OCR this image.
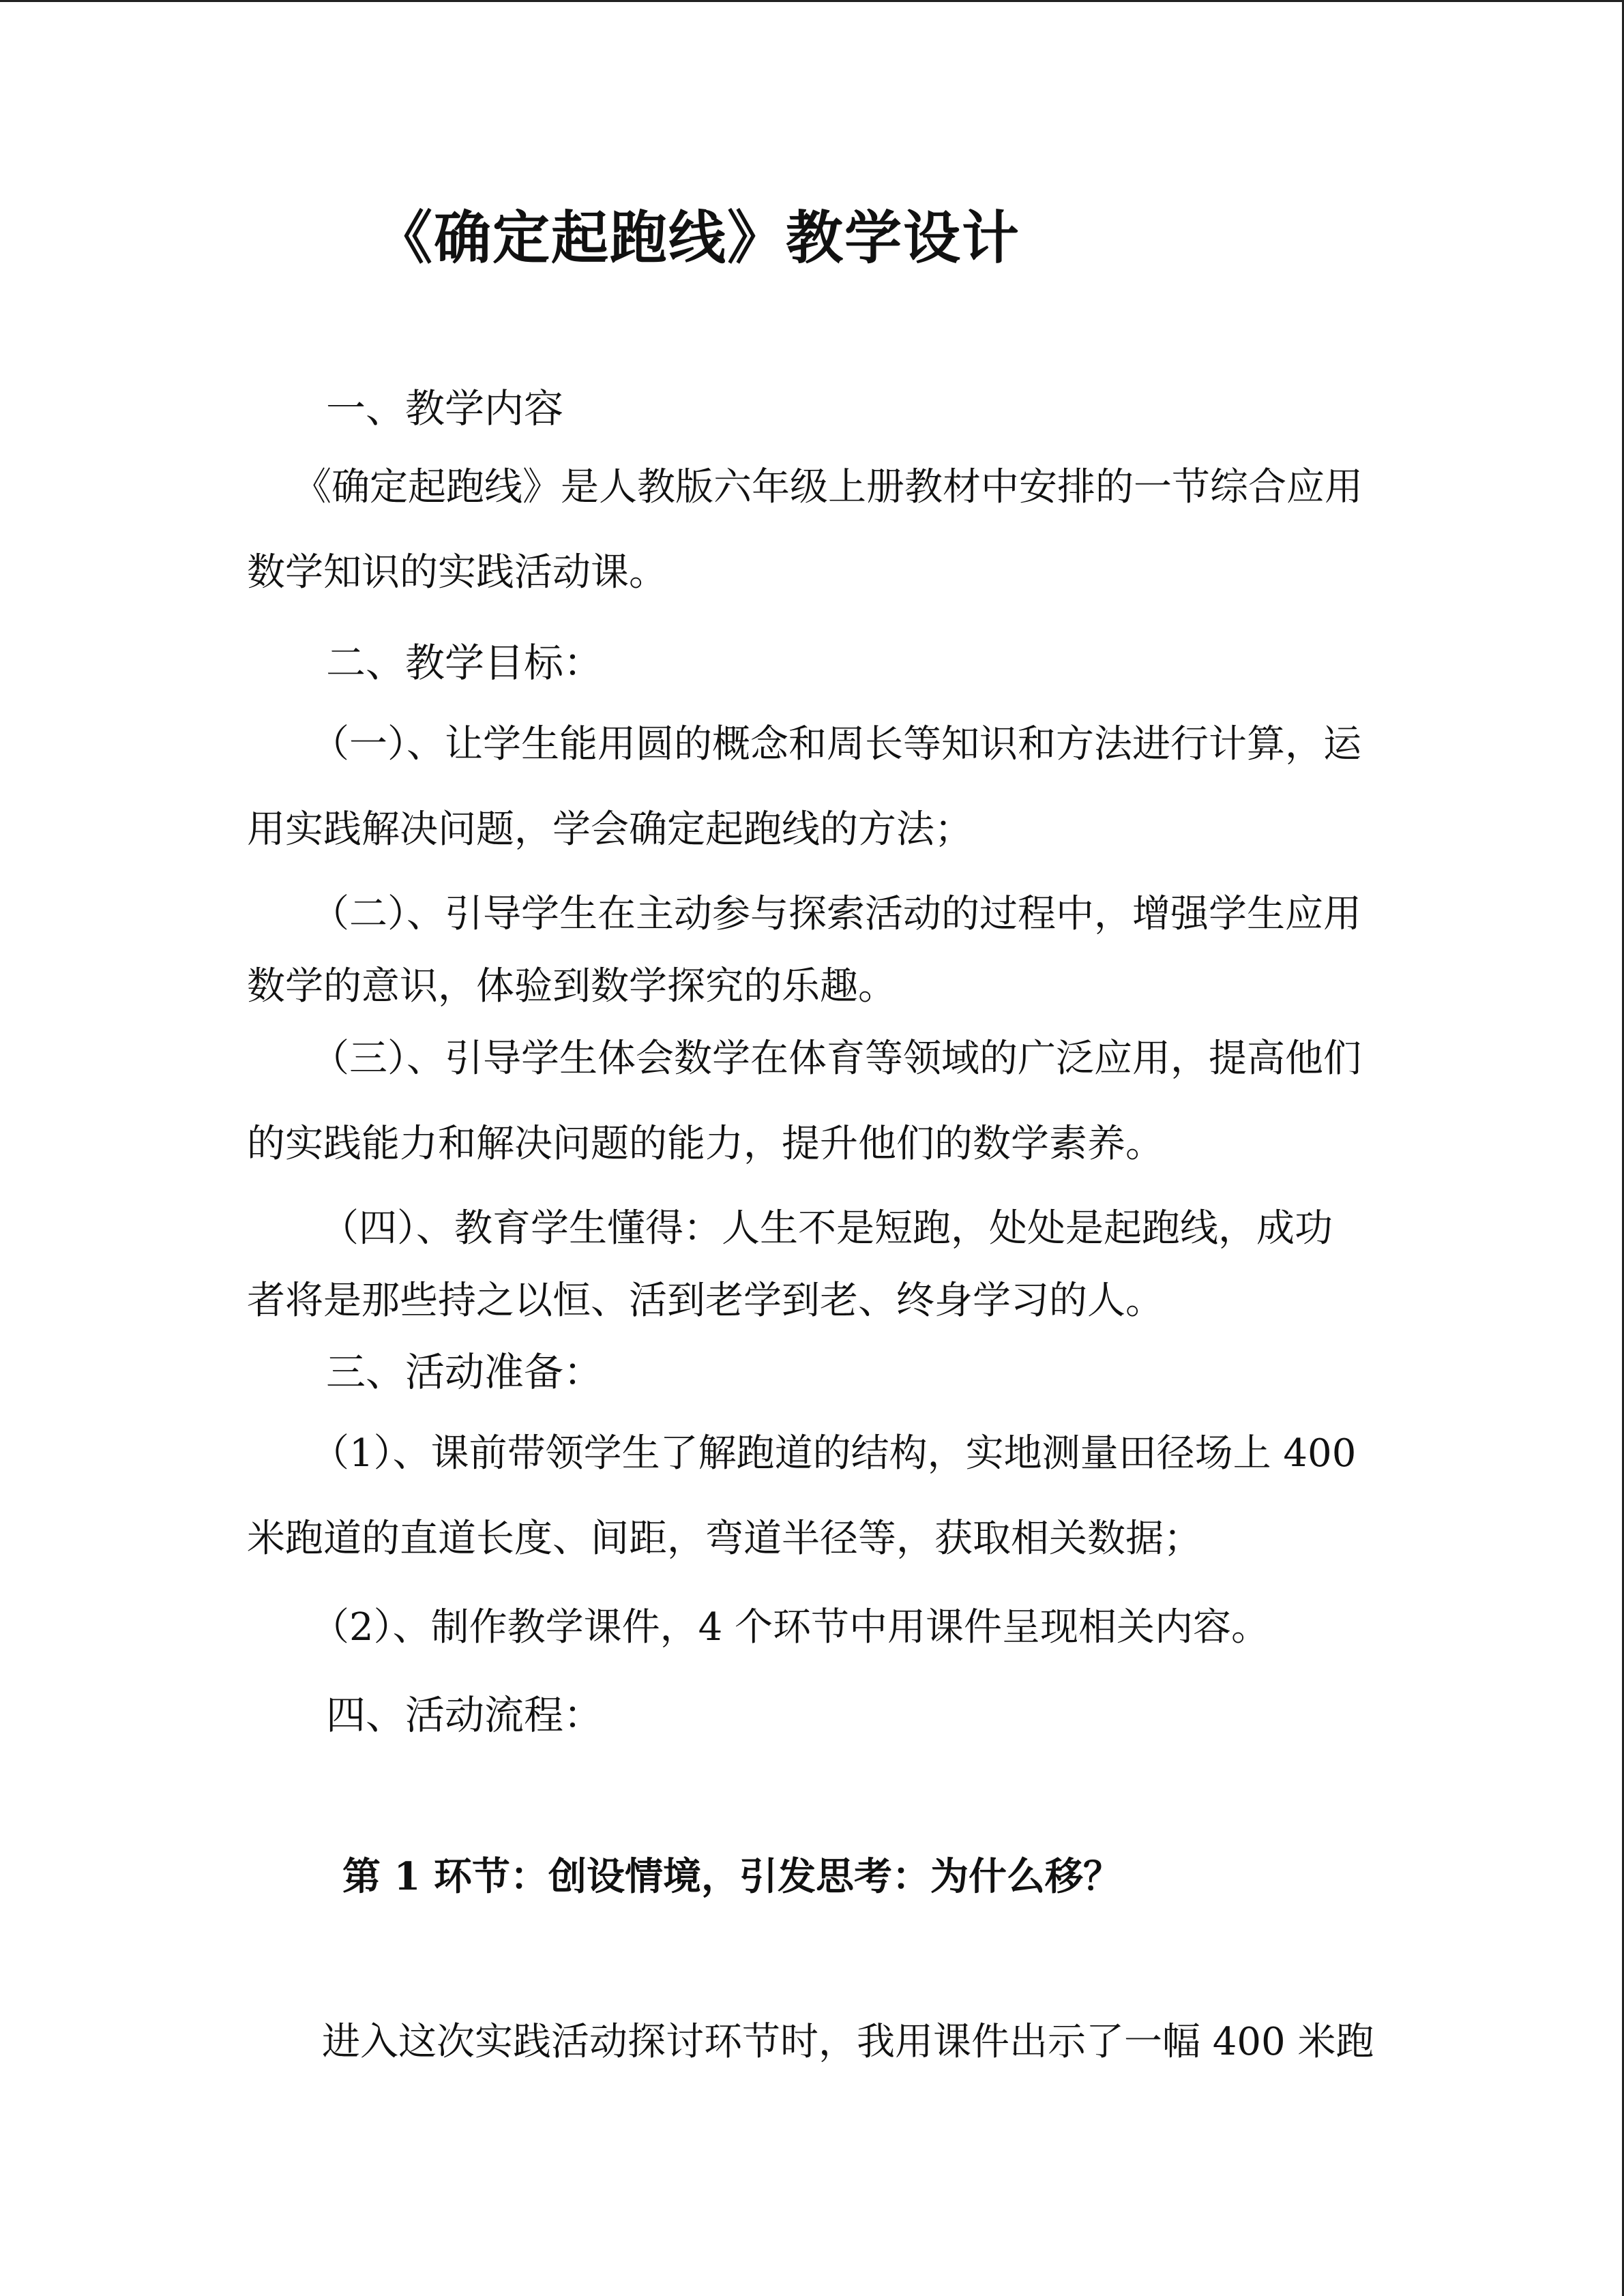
《确定起跑线》教学设计
一、教学内容
《确定起跑线》是人教版六年级上册教材中安排的一节综合应用
数学知识的实践活动课。
二、教学目标：
（一）、让学生能用圆的概念和周长等知识和方法进行计算，运
用实践解决问题，学会确定起跑线的方法；
（二）、引导学生在主动参与探索活动的过程中，增强学生应用
数学的意识，体验到数学探究的乐趣。
（三）、引导学生体会数学在体育等领域的广泛应用，提高他们
的实践能力和解决问题的能力，提升他们的数学素养。
（四）、教育学生懂得：人生不是短跑，处处是起跑线，成功
者将是那些持之以恒、活到老学到老、终身学习的人。
三、活动准备：
（1）、课前带领学生了解跑道的结构，实地测量田径场上 400
米跑道的直道长度、间距，弯道半径等，获取相关数据；
（2）、制作教学课件，4 个环节中用课件呈现相关内容。
四、活动流程：
第 1 环节：创设情境，引发思考：为什么移？
进入这次实践活动探讨环节时，我用课件出示了一幅 400 米跑
